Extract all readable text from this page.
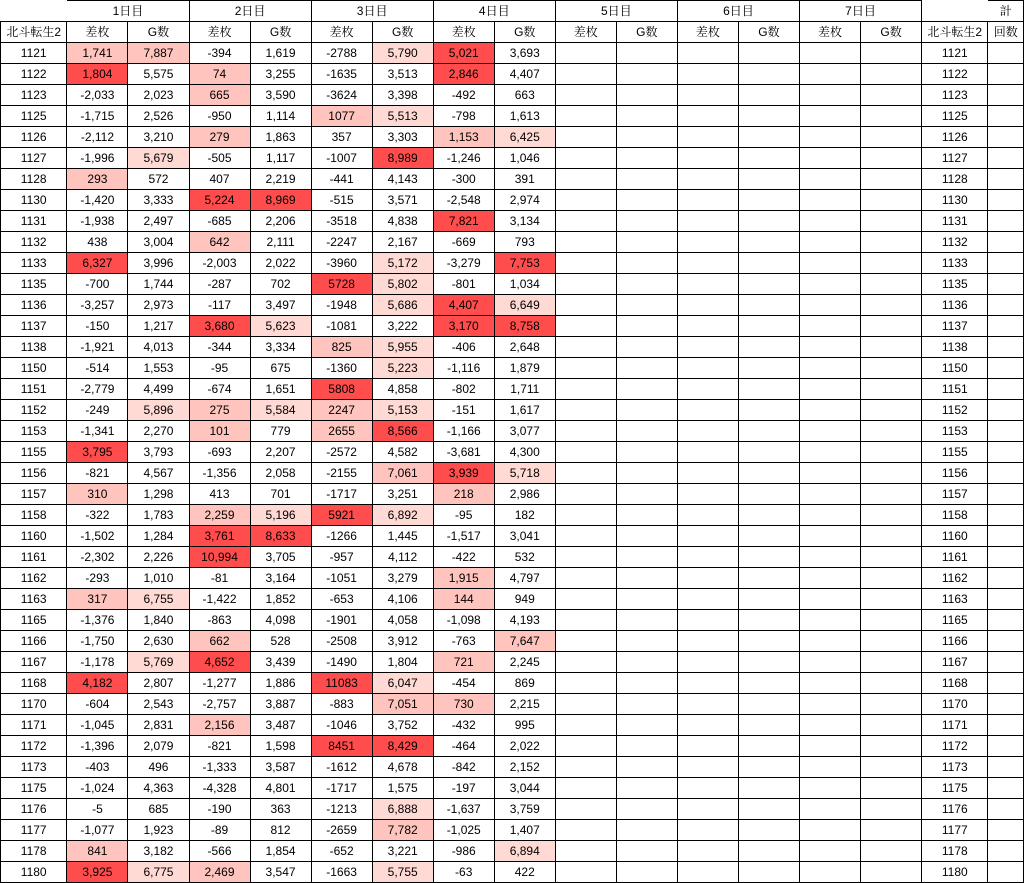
	1日目		2日目		3日目		4日目		5日目		6日目		7日目			計
北斗転生2	差枚	G数	差枚	G数	差枚	G数	差枚	G数	差枚	G数	差枚	G数	差枚	G数	北斗転生2	回数
1121	1,741	7,887	-394	1,619	-2788	5,790	5,021	3,693							1121	
1122	1,804	5,575	74	3,255	-1635	3,513	2,846	4,407							1122	
1123	-2,033	2,023	665	3,590	-3624	3,398	-492	663							1123	
1125	-1,715	2,526	-950	1,114	1077	5,513	-798	1,613							1125	
1126	-2,112	3,210	279	1,863	357	3,303	1,153	6,425							1126	
1127	-1,996	5,679	-505	1,117	-1007	8,989	-1,246	1,046							1127	
1128	293	572	407	2,219	-441	4,143	-300	391							1128	
1130	-1,420	3,333	5,224	8,969	-515	3,571	-2,548	2,974							1130	
1131	-1,938	2,497	-685	2,206	-3518	4,838	7,821	3,134							1131	
1132	438	3,004	642	2,111	-2247	2,167	-669	793							1132	
1133	6,327	3,996	-2,003	2,022	-3960	5,172	-3,279	7,753							1133	
1135	-700	1,744	-287	702	5728	5,802	-801	1,034							1135	
1136	-3,257	2,973	-117	3,497	-1948	5,686	4,407	6,649							1136	
1137	-150	1,217	3,680	5,623	-1081	3,222	3,170	8,758							1137	
1138	-1,921	4,013	-344	3,334	825	5,955	-406	2,648							1138	
1150	-514	1,553	-95	675	-1360	5,223	-1,116	1,879							1150	
1151	-2,779	4,499	-674	1,651	5808	4,858	-802	1,711							1151	
1152	-249	5,896	275	5,584	2247	5,153	-151	1,617							1152	
1153	-1,341	2,270	101	779	2655	8,566	-1,166	3,077							1153	
1155	3,795	3,793	-693	2,207	-2572	4,582	-3,681	4,300							1155	
1156	-821	4,567	-1,356	2,058	-2155	7,061	3,939	5,718							1156	
1157	310	1,298	413	701	-1717	3,251	218	2,986							1157	
1158	-322	1,783	2,259	5,196	5921	6,892	-95	182							1158	
1160	-1,502	1,284	3,761	8,633	-1266	1,445	-1,517	3,041							1160	
1161	-2,302	2,226	10,994	3,705	-957	4,112	-422	532							1161	
1162	-293	1,010	-81	3,164	-1051	3,279	1,915	4,797							1162	
1163	317	6,755	-1,422	1,852	-653	4,106	144	949							1163	
1165	-1,376	1,840	-863	4,098	-1901	4,058	-1,098	4,193							1165	
1166	-1,750	2,630	662	528	-2508	3,912	-763	7,647							1166	
1167	-1,178	5,769	4,652	3,439	-1490	1,804	721	2,245							1167	
1168	4,182	2,807	-1,277	1,886	11083	6,047	-454	869							1168	
1170	-604	2,543	-2,757	3,887	-883	7,051	730	2,215							1170	
1171	-1,045	2,831	2,156	3,487	-1046	3,752	-432	995							1171	
1172	-1,396	2,079	-821	1,598	8451	8,429	-464	2,022							1172	
1173	-403	496	-1,333	3,587	-1612	4,678	-842	2,152							1173	
1175	-1,024	4,363	-4,328	4,801	-1717	1,575	-197	3,044							1175	
1176	-5	685	-190	363	-1213	6,888	-1,637	3,759							1176	
1177	-1,077	1,923	-89	812	-2659	7,782	-1,025	1,407							1177	
1178	841	3,182	-566	1,854	-652	3,221	-986	6,894							1178	
1180	3,925	6,775	2,469	3,547	-1663	5,755	-63	422							1180	
